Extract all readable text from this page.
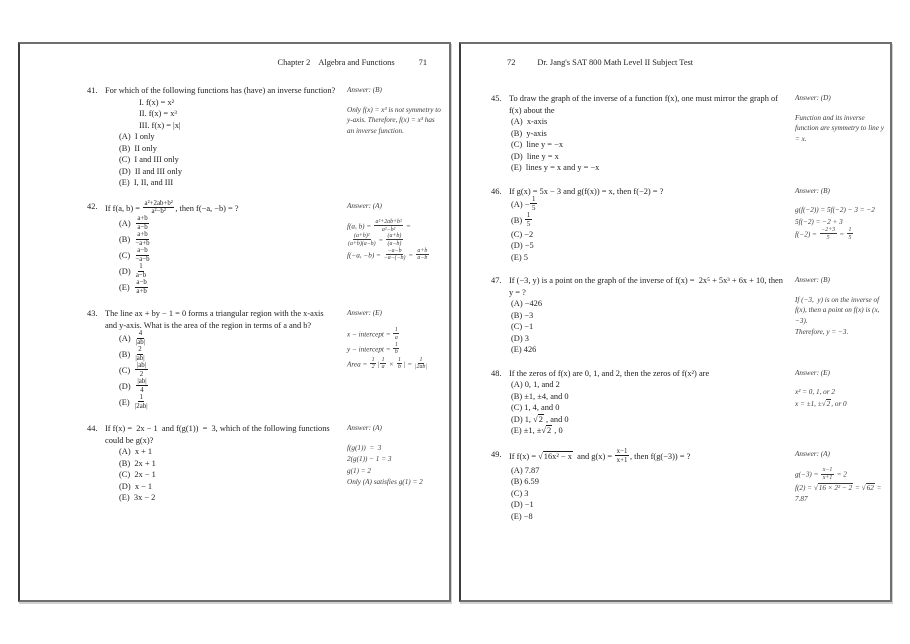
Chapter 2 Algebra and Functions	71
41. For which of the following functions has (have) an inverse function?
I. f(x) = x²
II. f(x) = x³
III. f(x) = |x|
(A)  I only
(B)  II only
(C)  I and III only
(D)  II and III only
(E)  I, II, and III
Answer: (B)

Only f(x) = x³ is not symmetry to y-axis. Therefore, f(x) = x³ has an inverse function.

42. If f(a, $b) = \frac{\text{a²+2ab+b²}}{\text{a²−b²}}$ , then f(−a, −b) = ?
$(A) \frac{a+b}{a-b}$
$(B) \frac{a+b}{-a+b}$
$(C) \frac{a-b}{-a-b}$
$(D) \frac{1}{a-b}$
$(E) \frac{a-b}{a+b}$
Answer: (A)

f(a, $b) = \frac{\text{a²+2ab+b²}}{\text{a²−b²}}$ =
$\frac{\text{(a+b)²}}{(a+b)(a-b)} = \frac{(a+b)}{(a-b)}$

f(−a, $-b) = \frac{-a-b}{-a-(-b)} = \frac{a+b}{a-b}$

43. The line ax + by − 1 = 0 forms a triangular region with the x-axis and y-axis. What is the area of the region in terms of a and b?
$(A) \frac{4}{|ab|}$
$(B) \frac{2}{|ab|}$
$(C) \frac{|ab|}{2}$
$(D) \frac{|ab|}{4}$
$(E) \frac{1}{|2ab|}$
Answer: (E)

x − intercept = $\frac{1}{a}$

y − intercept = $\frac{1}{b}$

Area = $\frac{1}{2}$ | $\frac{1}{a} \times \frac{1}{b}$ | = $\frac{1}{|2ab|}$

44. If f(x) =  2x − 1  and f(g(1))  =  3, which of the following functions could be g(x)?
(A)  x + 1
(B)  2x + 1
(C)  2x − 1
(D)  x − 1
(E)  3x − 2
Answer: (A)

f(g(1))  =  3

2(g(1)) − 1 = 3

g(1) = 2

Only (A) satisfies g(1) = 2

72	Dr. Jang's SAT 800 Math Level II Subject Test
45. To draw the graph of the inverse of a function f(x), one must mirror the graph of f(x) about the
(A)  x-axis
(B)  y-axis
(C)  line y = −x
(D)  line y = x
(E)  lines y = x and y = −x
Answer: (D)

Function and its inverse function are symmetry to line y = x.

46. If g(x) = 5x − 3 and g(f(x)) = x, then f(−2) = ?
$(A) - \frac{1}{5}$
$(B) \frac{1}{5}$
(C) −2
(D) −5
(E) 5
Answer: (B)

g(f(−2)) = 5f(−2) − 3 = −2

5f(−2) = −2 + 3

$f(-2) = \frac{-2+3}{5} = \frac{1}{5}$

47. If (−3, y) is a point on the graph of the inverse of f(x) =  2x⁵ + 5x³ + 6x + 10, then y = ?
(A) −426
(B) −3
(C) −1
(D) 3
(E) 426
Answer: (B)

If (−3,  y) is on the inverse of f(x), then a point on f(x) is (x, −3).

Therefore, y = −3.

48. If the zeros of f(x) are 0, 1, and 2, then the zeros of f(x²) are
(A) 0, 1, and 2
(B) ±1, ±4, and 0
(C) 1, 4, and 0
(D) 1, √2 , and 0
(E) ±1, ±√2 , 0
Answer: (E)

x² = 0, 1, or 2

x = ±1, ±√2, or 0

49. If f(x) = √16x² − x  and $g(x) = \frac{x-1}{x+1}$ , then f(g(−3)) = ?
(A) 7.87
(B) 6.59
(C) 3
(D) −1
(E) −8
Answer: (A)

$g(-3) = \frac{x-1}{x+1} = 2$

f(2) = √16 × 2² − 2 = √62 = 7.87
